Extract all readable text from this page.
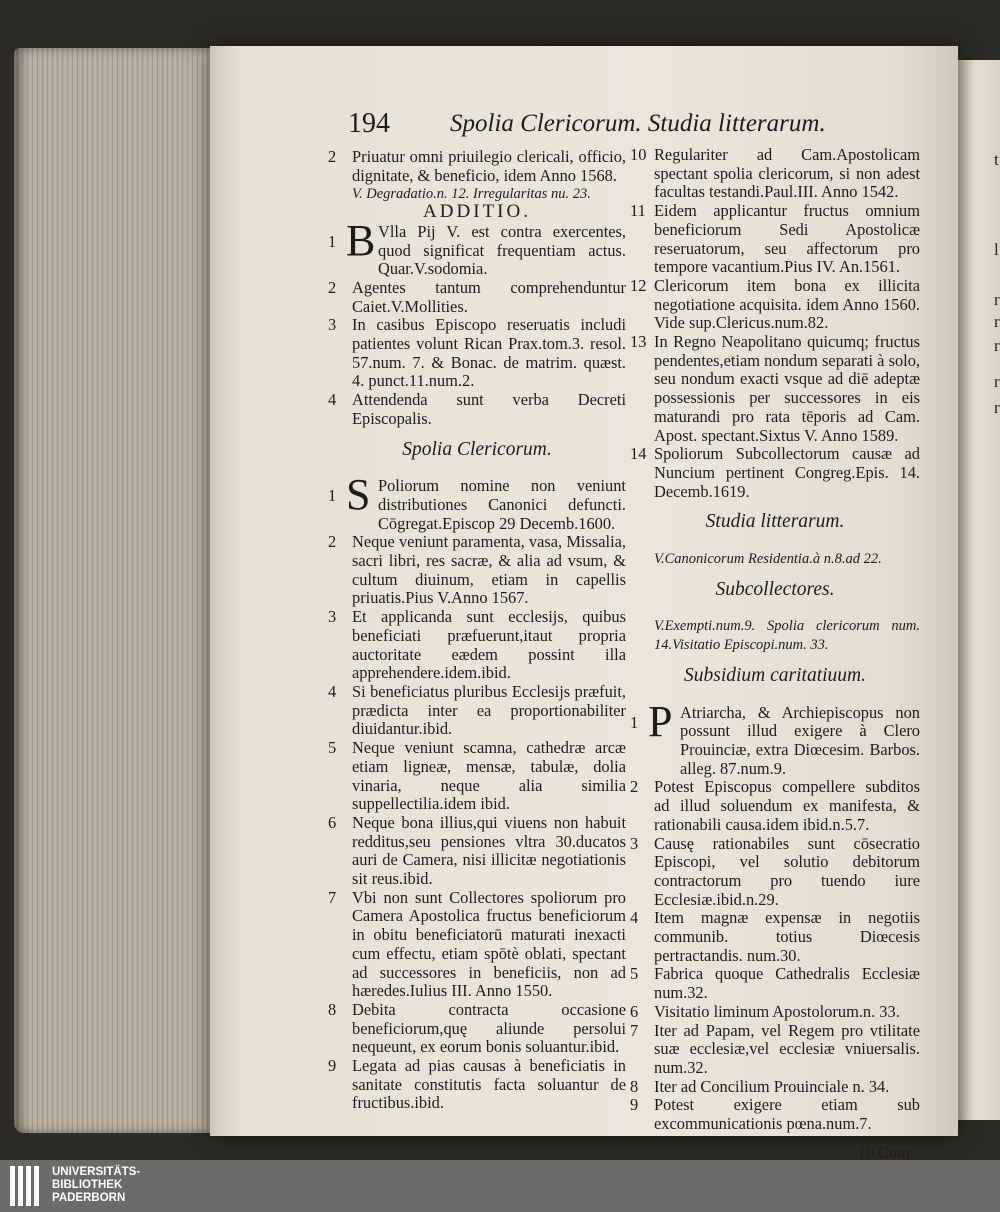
t
l
r
r
r
r
r
194 Spolia Clericorum. Studia litterarum.
2 Priuatur omni priuilegio clericali, officio, dignitate, & beneficio, idem Anno 1568.
V. Degradatio.n. 12. Irregularitas nu. 23.
ADDITIO.
1 B Vlla Pij V. est contra exercentes, quod significat frequentiam actus. Quar.V.sodomia.
2 Agentes tantum comprehenduntur Caiet.V.Mollities.
3 In casibus Episcopo reseruatis includi patientes volunt Rican Prax.tom.3. resol. 57.num. 7. & Bonac. de matrim. quæst. 4. punct.11.num.2.
4 Attendenda sunt verba Decreti Episcopalis.
Spolia Clericorum.
1 S Poliorum nomine non veniunt distributiones Canonici defuncti. Cōgregat.Episcop 29 Decemb.1600.
2 Neque veniunt paramenta, vasa, Missalia, sacri libri, res sacræ, & alia ad vsum, & cultum diuinum, etiam in capellis priuatis.Pius V.Anno 1567.
3 Et applicanda sunt ecclesijs, quibus beneficiati præfuerunt,itaut propria auctoritate eædem possint illa apprehendere.idem.ibid.
4 Si beneficiatus pluribus Ecclesijs præfuit, prædicta inter ea proportionabiliter diuidantur.ibid.
5 Neque veniunt scamna, cathedræ arcæ etiam ligneæ, mensæ, tabulæ, dolia vinaria, neque alia similia suppellectilia.idem ibid.
6 Neque bona illius,qui viuens non habuit redditus,seu pensiones vltra 30.ducatos auri de Camera, nisi illicitæ negotiationis sit reus.ibid.
7 Vbi non sunt Collectores spoliorum pro Camera Apostolica fructus beneficiorum in obitu beneficiatorū maturati inexacti cum effectu, etiam spōtè oblati, spectant ad successores in beneficiis, non ad hæredes.Iulius III. Anno 1550.
8 Debita contracta occasione beneficiorum,quę aliunde persolui nequeunt, ex eorum bonis soluantur.ibid.
9 Legata ad pias causas à beneficiatis in sanitate constitutis facta soluantur de fructibus.ibid.
10 Regulariter ad Cam.Apostolicam spectant spolia clericorum, si non adest facultas testandi.Paul.III. Anno 1542.
11 Eidem applicantur fructus omnium beneficiorum Sedi Apostolicæ reseruatorum, seu affectorum pro tempore vacantium.Pius IV. An.1561.
12 Clericorum item bona ex illicita negotiatione acquisita. idem Anno 1560. Vide sup.Clericus.num.82.
13 In Regno Neapolitano quicumq; fructus pendentes,etiam nondum separati à solo, seu nondum exacti vsque ad diē adeptæ possessionis per successores in eis maturandi pro rata tēporis ad Cam. Apost. spectant.Sixtus V. Anno 1589.
14 Spoliorum Subcollectorum causæ ad Nuncium pertinent Congreg.Epis. 14. Decemb.1619.
Studia litterarum.
V.Canonicorum Residentia.à n.8.ad 22.
Subcollectores.
V.Exempti.num.9. Spolia clericorum num. 14.Visitatio Episcopi.num. 33.
Subsidium caritatiuum.
1 P Atriarcha, & Archiepiscopus non possunt illud exigere à Clero Prouinciæ, extra Diœcesim. Barbos. alleg. 87.num.9.
2 Potest Episcopus compellere subditos ad illud soluendum ex manifesta, & rationabili causa.idem ibid.n.5.7.
3 Causę rationabiles sunt cōsecratio Episcopi, vel solutio debitorum contractorum pro tuendo iure Ecclesiæ.ibid.n.29.
4 Item magnæ expensæ in negotiis communib. totius Diœcesis pertractandis. num.30.
5 Fabrica quoque Cathedralis Ecclesiæ num.32.
6 Visitatio liminum Apostolorum.n. 33.
7 Iter ad Papam, vel Regem pro vtilitate suæ ecclesiæ,vel ecclesiæ vniuersalis. num.32.
8 Iter ad Concilium Prouinciale n. 34.
9 Potest exigere etiam sub excommunicationis pœna.num.7.
10 Cum
UNIVERSITÄTS-
BIBLIOTHEK
PADERBORN
